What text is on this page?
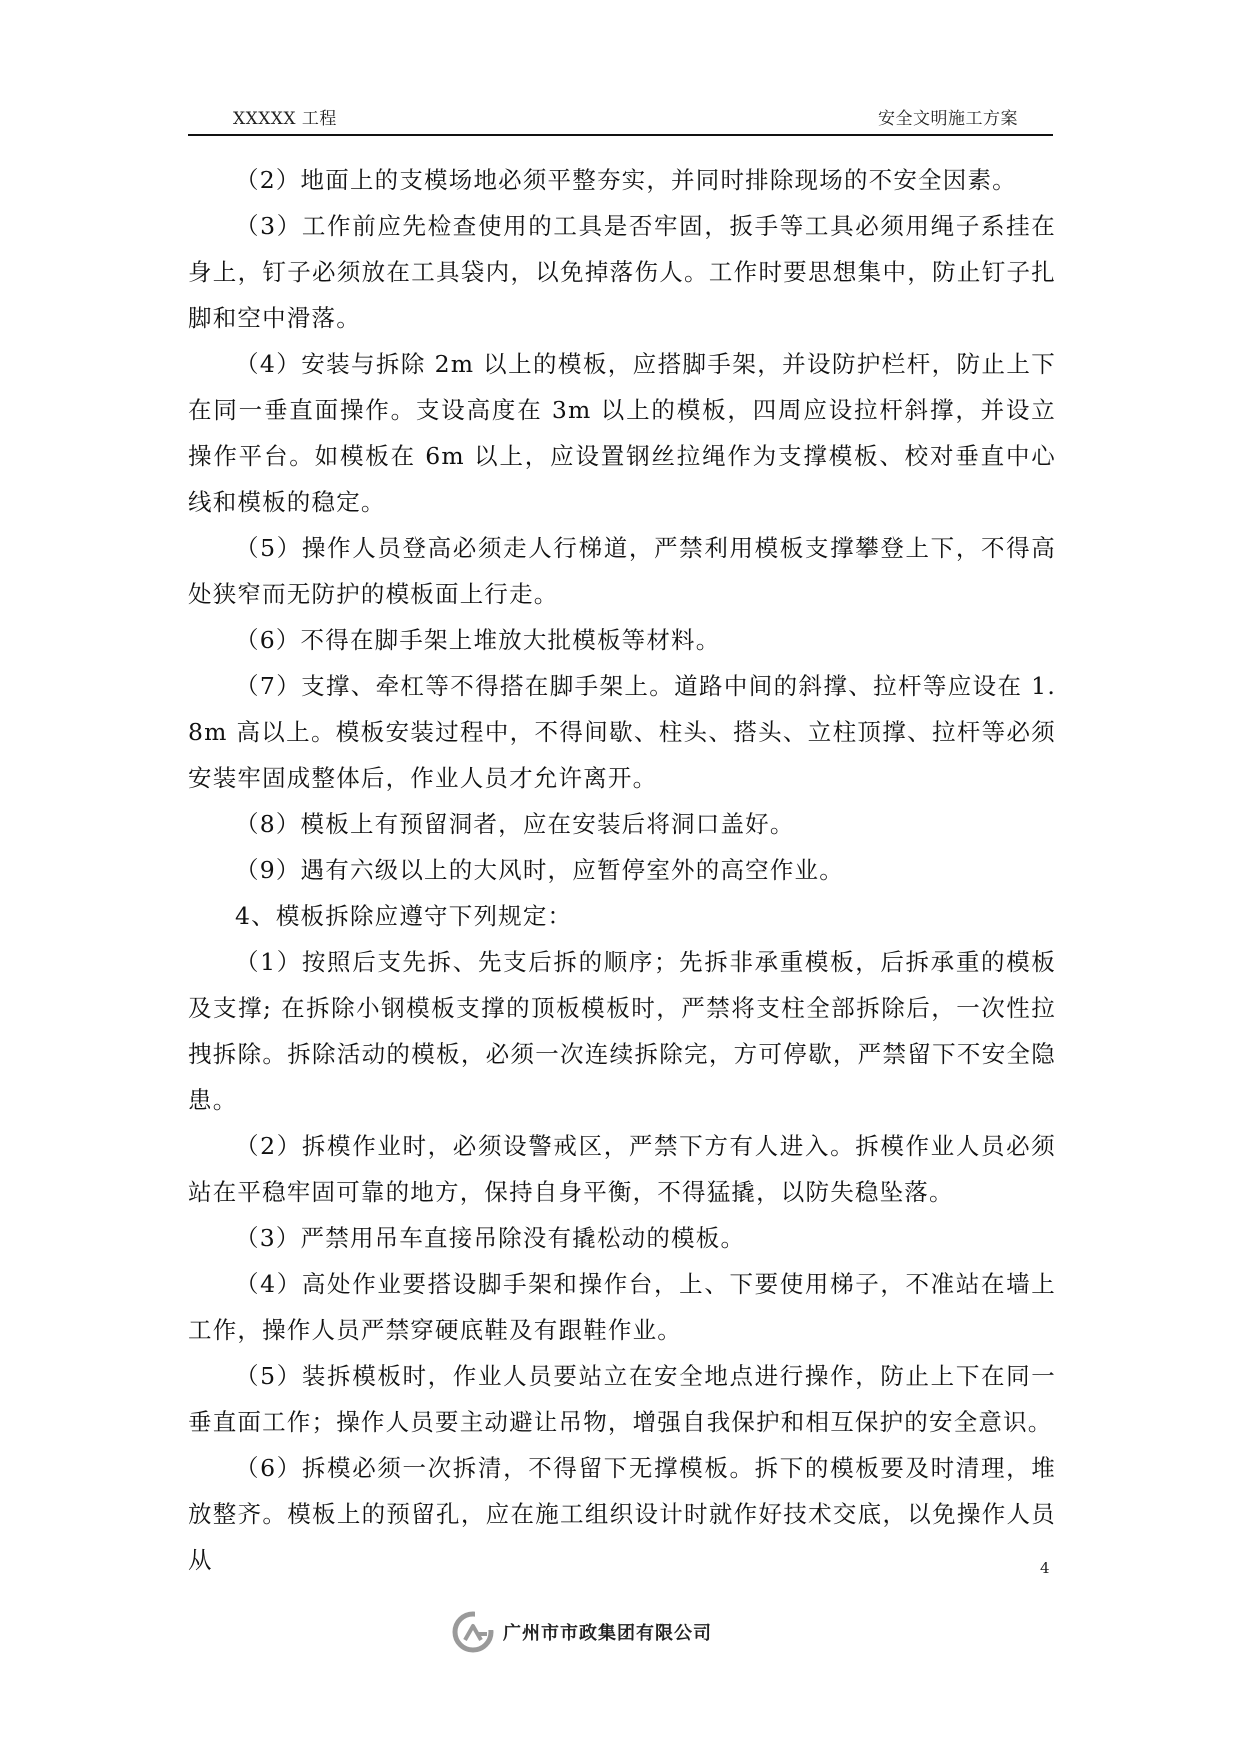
XXXXX 工程	安全文明施工方案

（2）地面上的支模场地必须平整夯实，并同时排除现场的不安全因素。

（3）工作前应先检查使用的工具是否牢固，扳手等工具必须用绳子系挂在身上，钉子必须放在工具袋内，以免掉落伤人。工作时要思想集中，防止钉子扎脚和空中滑落。

（4）安装与拆除 2m 以上的模板，应搭脚手架，并设防护栏杆，防止上下在同一垂直面操作。支设高度在 3m 以上的模板，四周应设拉杆斜撑，并设立操作平台。如模板在 6m 以上，应设置钢丝拉绳作为支撑模板、校对垂直中心线和模板的稳定。

（5）操作人员登高必须走人行梯道，严禁利用模板支撑攀登上下，不得高处狭窄而无防护的模板面上行走。

（6）不得在脚手架上堆放大批模板等材料。

（7）支撑、牵杠等不得搭在脚手架上。道路中间的斜撑、拉杆等应设在 1.8m 高以上。模板安装过程中，不得间歇、柱头、搭头、立柱顶撑、拉杆等必须安装牢固成整体后，作业人员才允许离开。

（8）模板上有预留洞者，应在安装后将洞口盖好。

（9）遇有六级以上的大风时，应暂停室外的高空作业。

4、模板拆除应遵守下列规定：

（1）按照后支先拆、先支后拆的顺序；先拆非承重模板，后拆承重的模板及支撑; 在拆除小钢模板支撑的顶板模板时，严禁将支柱全部拆除后，一次性拉拽拆除。拆除活动的模板，必须一次连续拆除完，方可停歇，严禁留下不安全隐患。

（2）拆模作业时，必须设警戒区，严禁下方有人进入。拆模作业人员必须站在平稳牢固可靠的地方，保持自身平衡，不得猛撬，以防失稳坠落。

（3）严禁用吊车直接吊除没有撬松动的模板。

（4）高处作业要搭设脚手架和操作台，上、下要使用梯子，不准站在墙上工作，操作人员严禁穿硬底鞋及有跟鞋作业。

（5）装拆模板时，作业人员要站立在安全地点进行操作，防止上下在同一垂直面工作；操作人员要主动避让吊物，增强自我保护和相互保护的安全意识。

（6）拆模必须一次拆清，不得留下无撑模板。拆下的模板要及时清理，堆放整齐。模板上的预留孔，应在施工组织设计时就作好技术交底，以免操作人员从	4
广州市市政集团有限公司
